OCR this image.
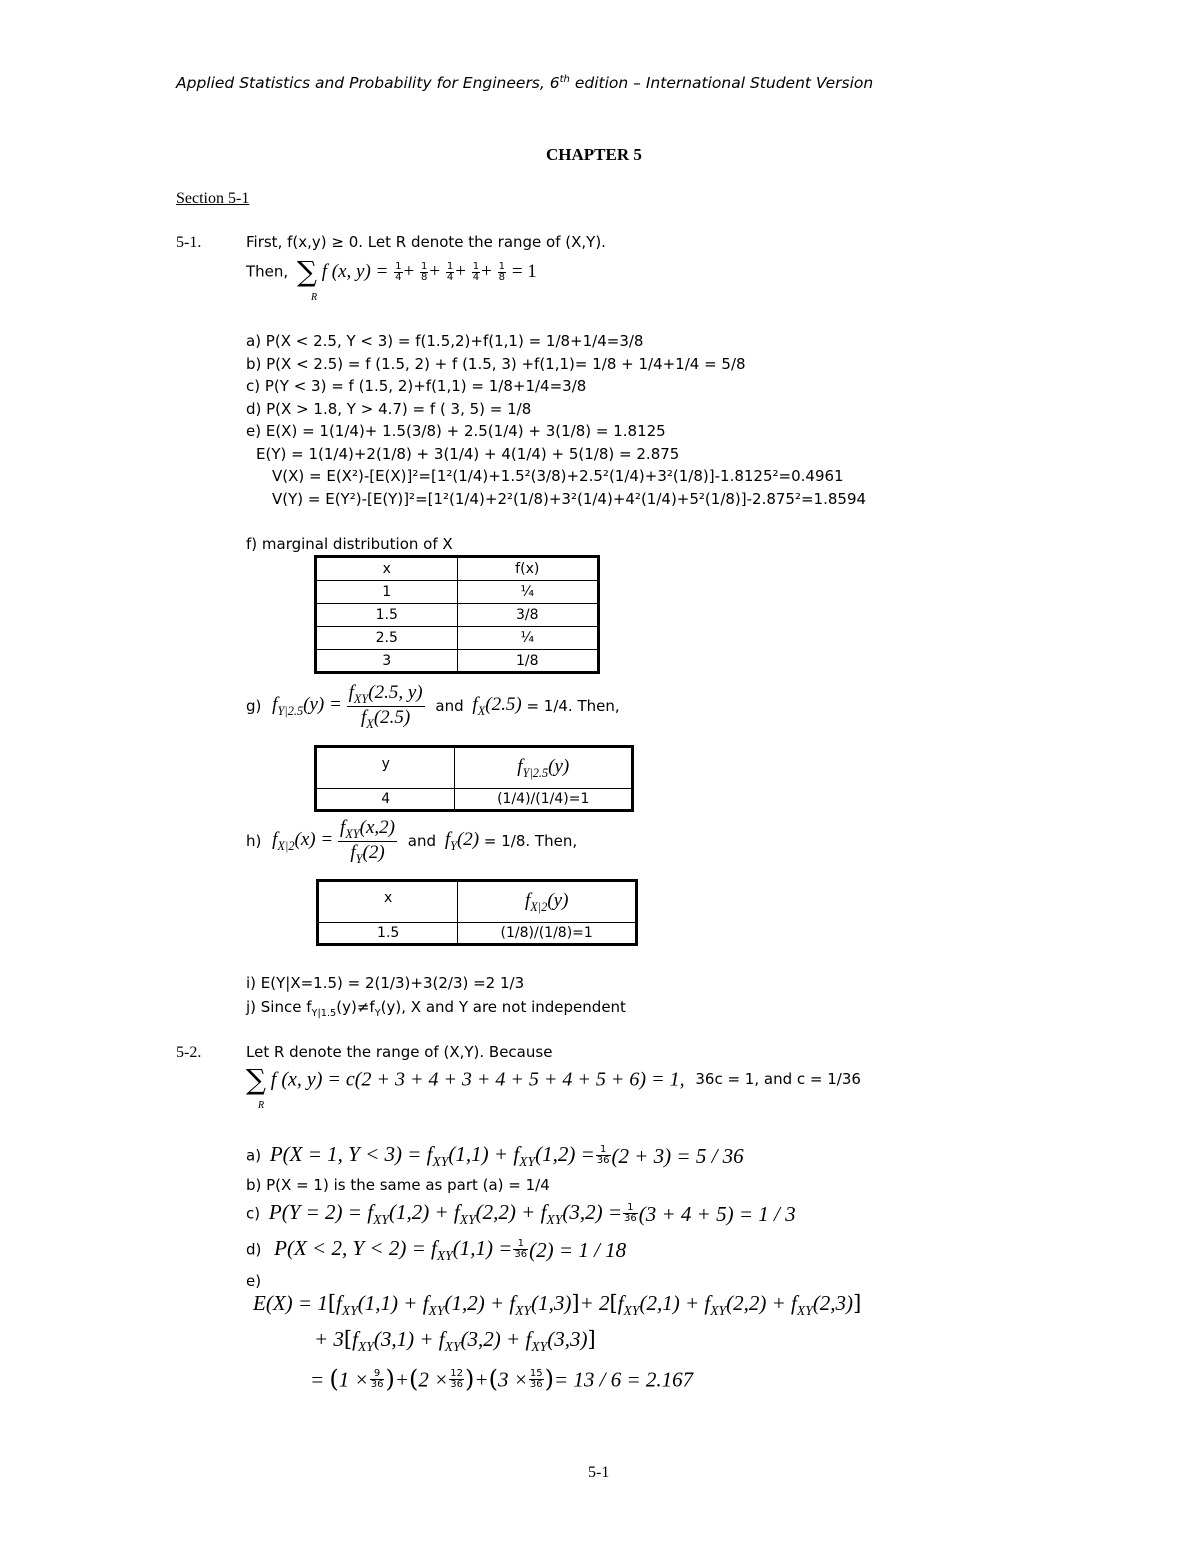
Applied Statistics and Probability for Engineers, 6th edition – International Student Version
CHAPTER 5
Section 5-1
5-1.	First, f(x,y) ≥ 0. Let R denote the range of (X,Y).
Then, ∑ f (x, $y) = \frac{1}{4} + \frac{1}{8} + \frac{1}{4} + \frac{1}{4} + \frac{1}{8} = 1$
R
a) P(X < 2.5, Y < 3) = f(1.5,2)+f(1,1) = 1/8+1/4=3/8
b) P(X < 2.5) = f (1.5, 2) + f (1.5, 3) +f(1,1)= 1/8 + 1/4+1/4 = 5/8
c) P(Y < 3) = f (1.5, 2)+f(1,1) = 1/8+1/4=3/8
d) P(X > 1.8, Y > 4.7) = f ( 3, 5) = 1/8
e) E(X) = 1(1/4)+ 1.5(3/8) + 2.5(1/4) + 3(1/8) = 1.8125
E(Y) = 1(1/4)+2(1/8) + 3(1/4) + 4(1/4) + 5(1/8) = 2.875
V(X) = E(X²)-[E(X)]²=[1²(1/4)+1.5²(3/8)+2.5²(1/4)+3²(1/8)]-1.8125²=0.4961
V(Y) = E(Y²)-[E(Y)]²=[1²(1/4)+2²(1/8)+3²(1/4)+4²(1/4)+5²(1/8)]-2.875²=1.8594
f) marginal distribution of X
x	f(x)
1	¼
1.5	3/8
2.5	¼
3	1/8
g) $f_{Y|2.5}(y) = \frac{f_{XY}(2.5, y)}{f_X(2.5)}$ and $f_X(2.5) = 1/4$. Then,
y	$f_{Y|2.5}(y)$
4	(1/4)/(1/4)=1
h) $f_{X|2}(x) = \frac{f_{XY}(x,2)}{f_Y(2)}$ and $f_Y(2) = 1/8$. Then,
x	$f_{X|2}(y)$
1.5	(1/8)/(1/8)=1
i) E(Y|X=1.5) = 2(1/3)+3(2/3) =2 1/3
j) Since $f_{Y|1.5}(y)\ne f_Y(y)$, X and Y are not independent
5-2.	Let R denote the range of (X,Y). Because
∑ f (x, y) = c(2 + 3 + 4 + 3 + 4 + 5 + 4 + 5 + 6) = 1, 36c = 1, and c = 1/36
R
a) P(X = 1, $Y < 3) = f_{XY}(1,1) + f_{XY}(1,2) = \frac{1}{36} (2 + 3) = 5 / 36$
b) P(X = 1) is the same as part (a) = 1/4
c) $P(Y = 2) = f_{XY}(1,2) + f_{XY}(2,2) + f_{XY}(3,2) = \frac{1}{36} (3 + 4 + 5) = 1 / 3$
d) P(X < 2, $Y < 2) = f_{XY}(1,1) = \frac{1}{36} (2) = 1 / 18$
e)
$E(X) = 1[f_{XY}(1,1) + f_{XY}(1,2) + f_{XY}(1,3)]+ 2[f_{XY}(2,1) + f_{XY}(2,2) + f_{XY}(2,3)]$
+ $3[f_{XY}(3,1) + f_{XY}(3,2) + f_{XY}(3,3)]$
= $(1 \times \frac{9}{36} )+(2 \times \frac{12}{36} )+(3 \times \frac{15}{36}$ )= 13 / 6 = 2.167
5-1
